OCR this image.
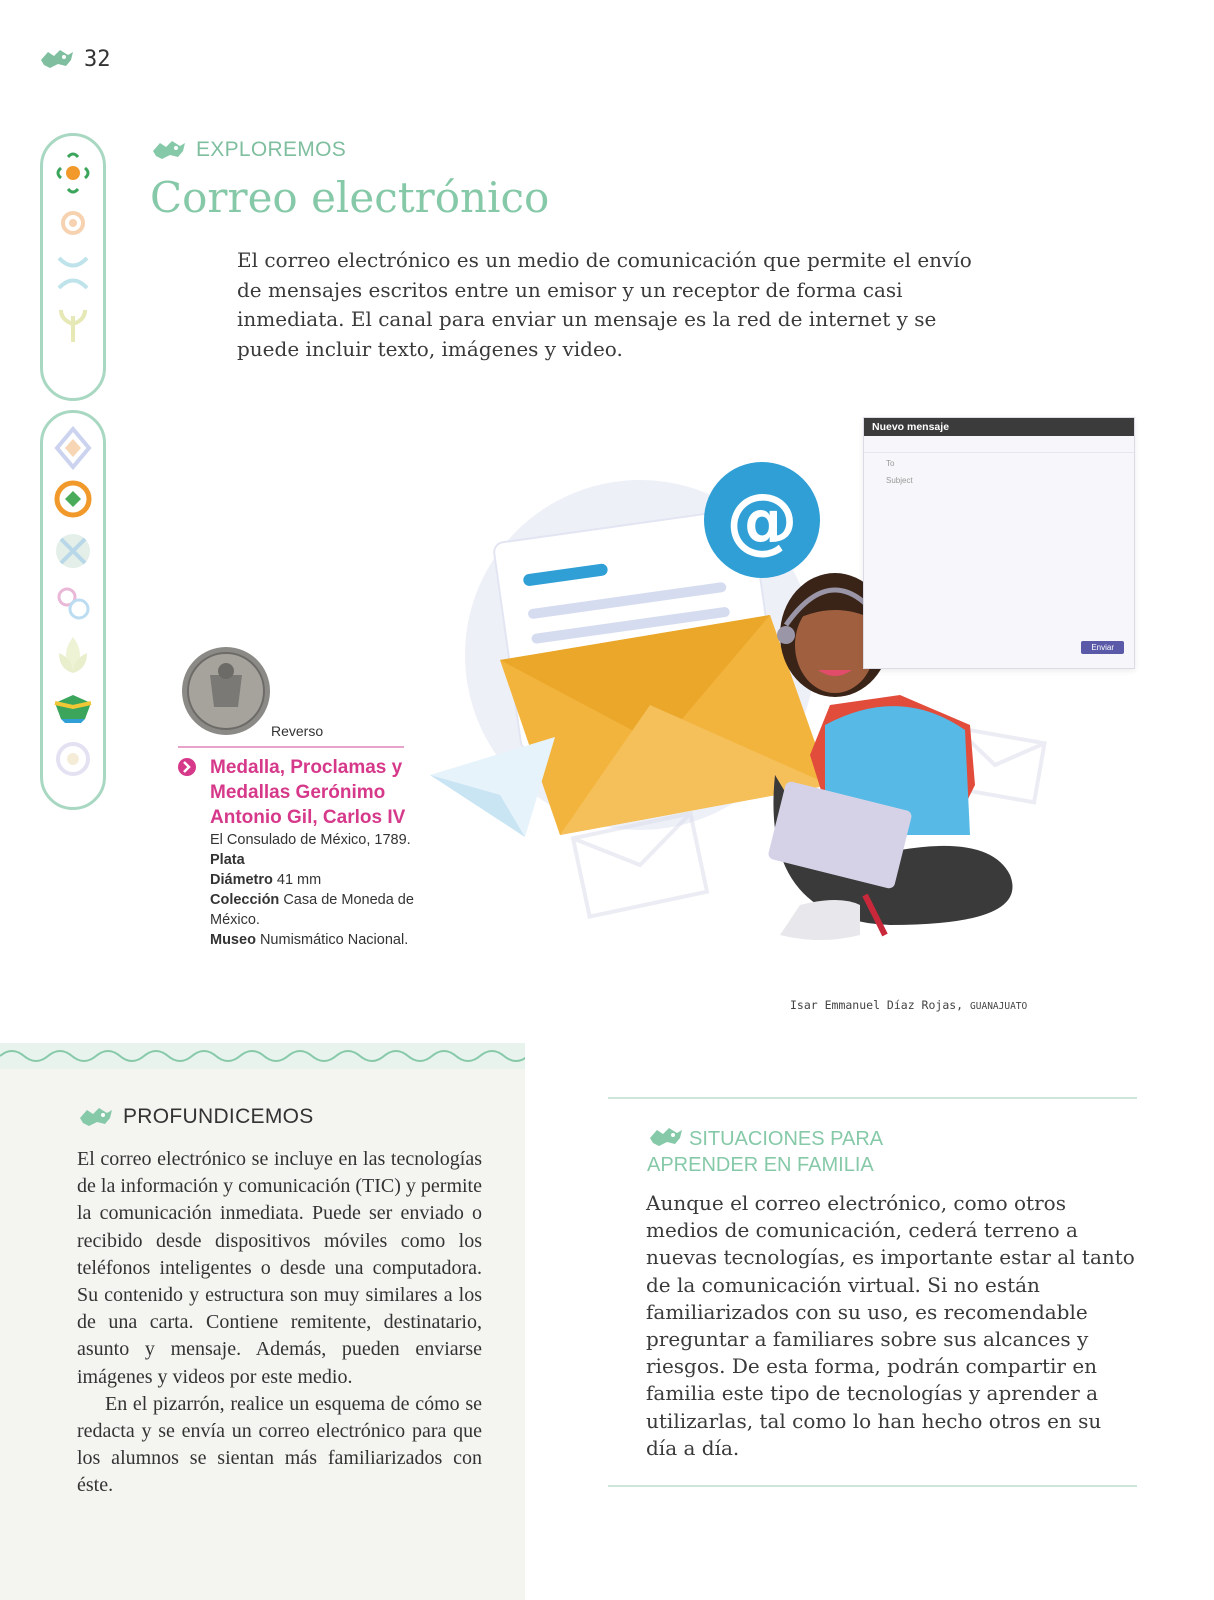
32
EXPLOREMOS
Correo electrónico

El correo electrónico es un medio de comunicación que permite el envío de mensajes escritos entre un emisor y un receptor de forma casi inmediata. El canal para enviar un mensaje es la red de internet y se puede incluir texto, imágenes y video.

@
Nuevo mensaje
To
Subject
Enviar
Reverso
Medalla, Proclamas y Medallas Gerónimo Antonio Gil, Carlos IV
El Consulado de México, 1789.
Plata
Diámetro 41 mm
Colección Casa de Moneda de México.
Museo Numismático Nacional.
Isar Emmanuel Díaz Rojas, GUANAJUATO
PROFUNDICEMOS

El correo electrónico se incluye en las tecnologías de la información y comunicación (TIC) y permite la comunicación inmediata. Puede ser enviado o recibido desde dispositivos móviles como los teléfonos inteligentes o desde una computadora. Su contenido y estructura son muy similares a los de una carta. Contiene remitente, destinatario, asunto y mensaje. Además, pueden enviarse imágenes y videos por este medio.

En el pizarrón, realice un esquema de cómo se redacta y se envía un correo electrónico para que los alumnos se sientan más familiarizados con éste.

SITUACIONES PARA
APRENDER EN FAMILIA

Aunque el correo electrónico, como otros medios de comunicación, cederá terreno a nuevas tecnologías, es importante estar al tanto de la comunicación virtual. Si no están familiarizados con su uso, es recomendable preguntar a familiares sobre sus alcances y riesgos. De esta forma, podrán compartir en familia este tipo de tecnologías y aprender a utilizarlas, tal como lo han hecho otros en su día a día.
